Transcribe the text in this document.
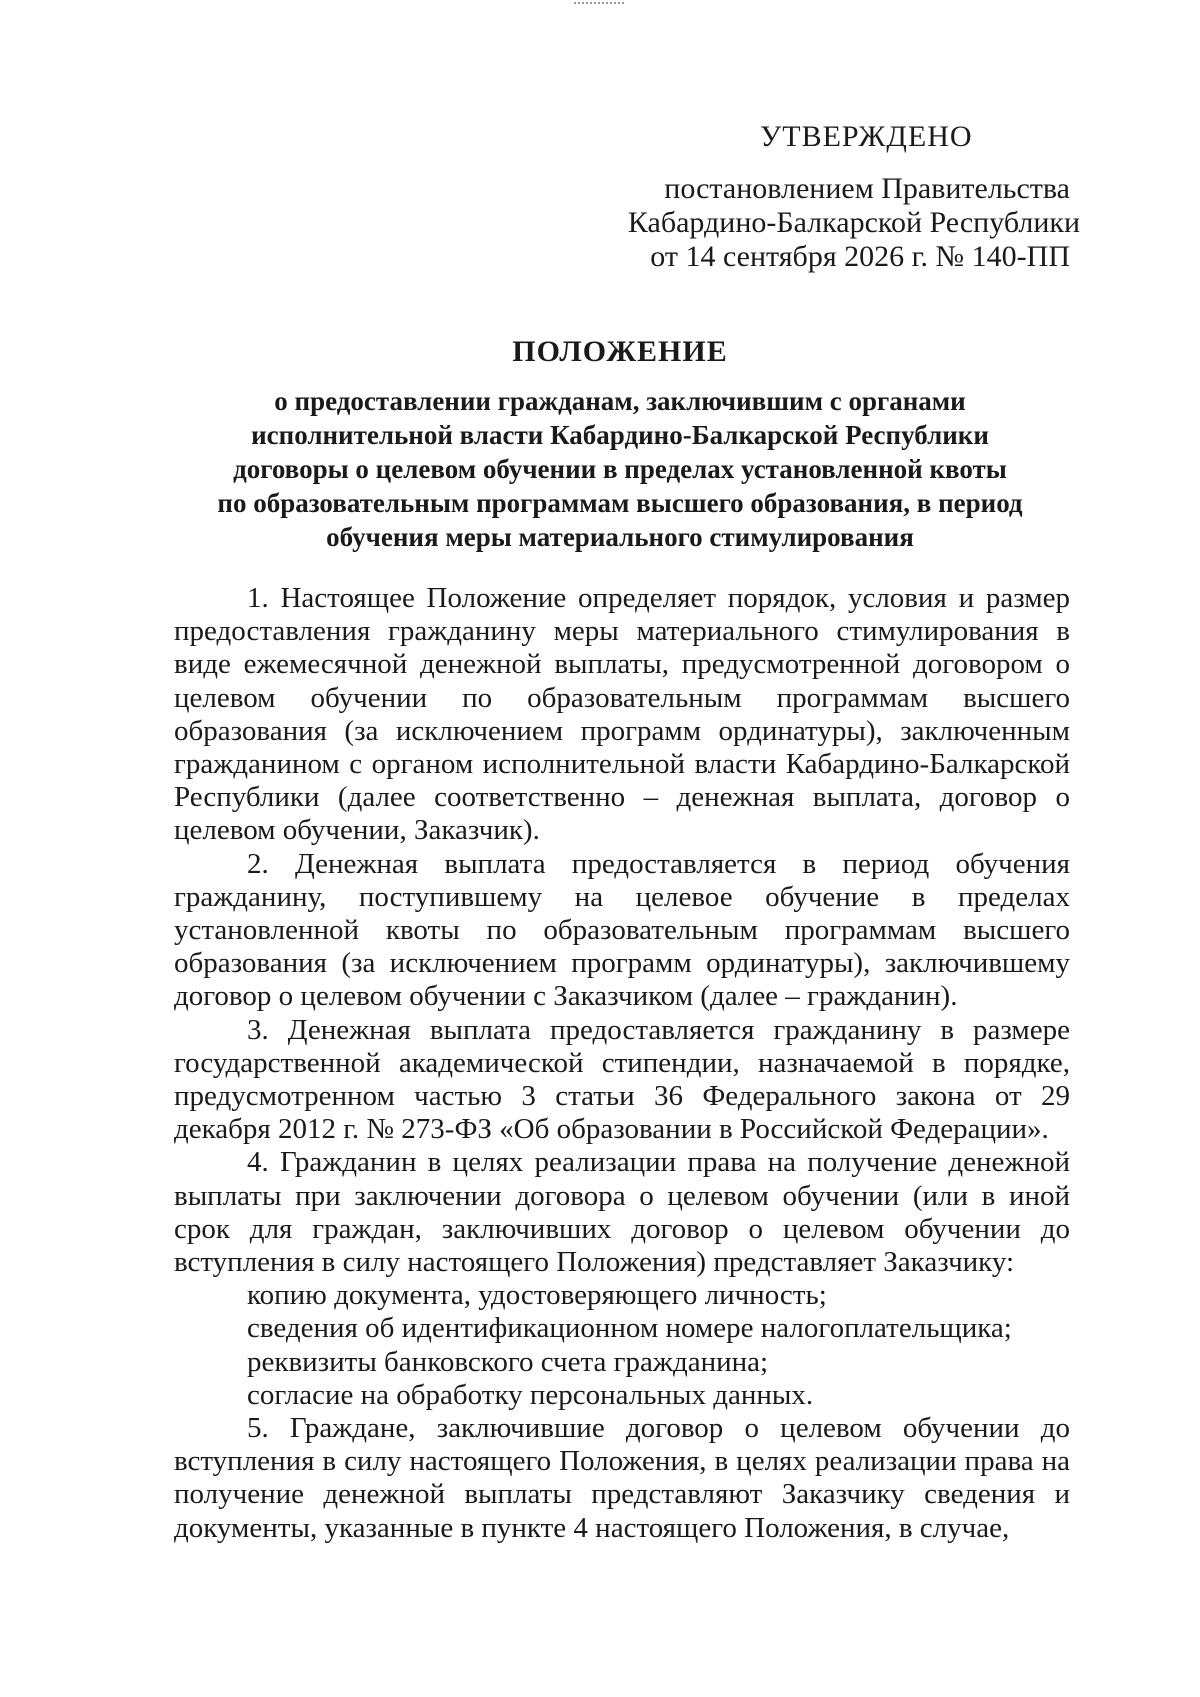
УТВЕРЖДЕНО
постановлением Правительства
Кабардино-Балкарской Республики
от 14 сентября 2026 г. № 140-ПП
ПОЛОЖЕНИЕ
о предоставлении гражданам, заключившим с органами
исполнительной власти Кабардино-Балкарской Республики
договоры о целевом обучении в пределах установленной квоты
по образовательным программам высшего образования, в период
обучения меры материального стимулирования

1. Настоящее Положение определяет порядок, условия и размер предоставления гражданину меры материального стимулирования в виде ежемесячной денежной выплаты, предусмотренной договором о целевом обучении по образовательным программам высшего образования (за исключением программ ординатуры), заключенным гражданином с органом исполнительной власти Кабардино-Балкарской Республики (далее соответственно – денежная выплата, договор о целевом обучении, Заказчик).

2. Денежная выплата предоставляется в период обучения гражданину, поступившему на целевое обучение в пределах установленной квоты по образовательным программам высшего образования (за исключением программ ординатуры), заключившему договор о целевом обучении с Заказчиком (далее – гражданин).

3. Денежная выплата предоставляется гражданину в размере государственной академической стипендии, назначаемой в порядке, предусмотренном частью 3 статьи 36 Федерального закона от 29 декабря 2012 г. № 273-ФЗ «Об образовании в Российской Федерации».

4. Гражданин в целях реализации права на получение денежной выплаты при заключении договора о целевом обучении (или в иной срок для граждан, заключивших договор о целевом обучении до вступления в силу настоящего Положения) представляет Заказчику:

копию документа, удостоверяющего личность;

сведения об идентификационном номере налогоплательщика;

реквизиты банковского счета гражданина;

согласие на обработку персональных данных.

5. Граждане, заключившие договор о целевом обучении до вступления в силу настоящего Положения, в целях реализации права на получение денежной выплаты представляют Заказчику сведения и документы, указанные в пункте 4 настоящего Положения, в случае,
